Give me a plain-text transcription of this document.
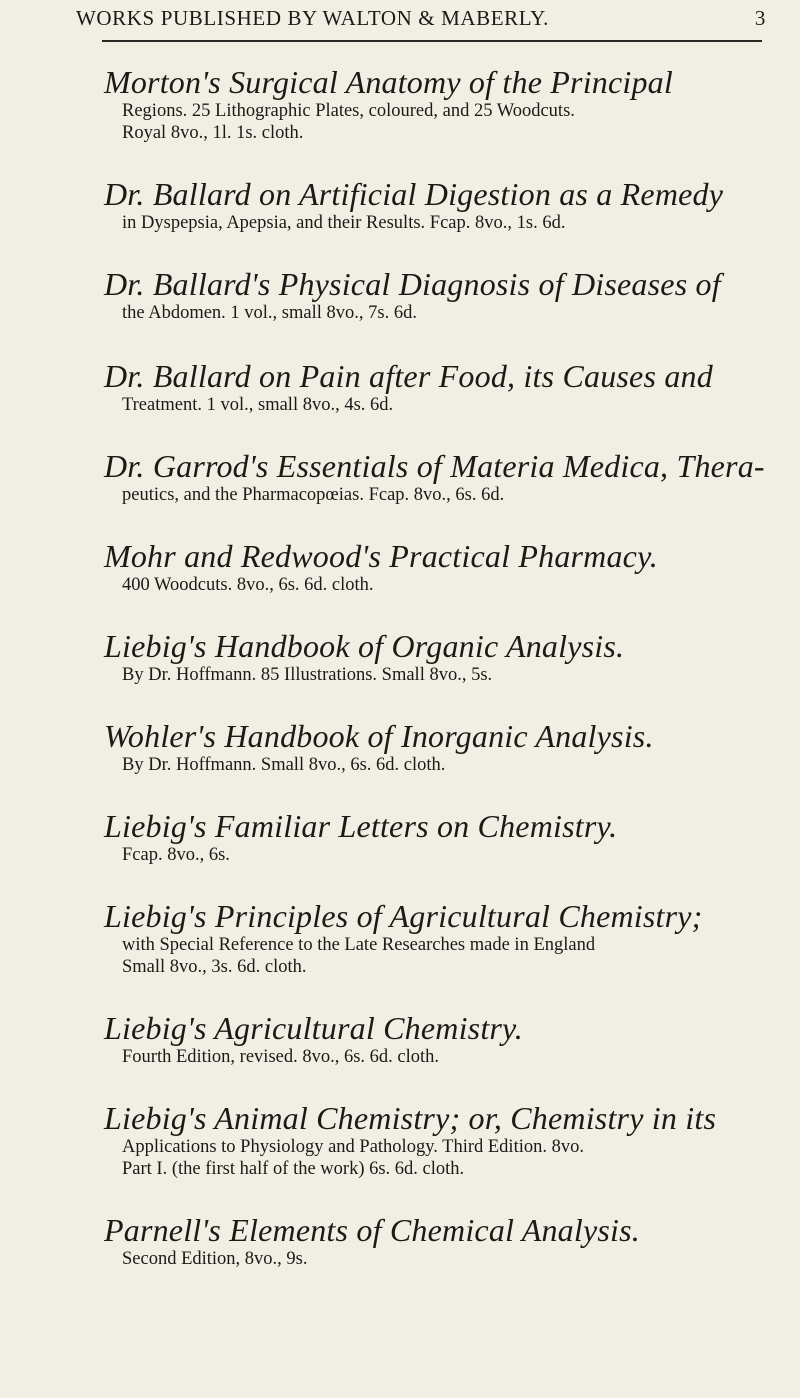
WORKS PUBLISHED BY WALTON & MABERLY.	3
Morton's Surgical Anatomy of the Principal
Regions. 25 Lithographic Plates, coloured, and 25 Woodcuts.
Royal 8vo., 1l. 1s. cloth.
Dr. Ballard on Artificial Digestion as a Remedy
in Dyspepsia, Apepsia, and their Results. Fcap. 8vo., 1s. 6d.
Dr. Ballard's Physical Diagnosis of Diseases of
the Abdomen. 1 vol., small 8vo., 7s. 6d.
Dr. Ballard on Pain after Food, its Causes and
Treatment. 1 vol., small 8vo., 4s. 6d.
Dr. Garrod's Essentials of Materia Medica, Thera-
peutics, and the Pharmacopœias. Fcap. 8vo., 6s. 6d.
Mohr and Redwood's Practical Pharmacy.
400 Woodcuts. 8vo., 6s. 6d. cloth.
Liebig's Handbook of Organic Analysis.
By Dr. Hoffmann. 85 Illustrations. Small 8vo., 5s.
Wohler's Handbook of Inorganic Analysis.
By Dr. Hoffmann. Small 8vo., 6s. 6d. cloth.
Liebig's Familiar Letters on Chemistry.
Fcap. 8vo., 6s.
Liebig's Principles of Agricultural Chemistry;
with Special Reference to the Late Researches made in England
Small 8vo., 3s. 6d. cloth.
Liebig's Agricultural Chemistry.
Fourth Edition, revised. 8vo., 6s. 6d. cloth.
Liebig's Animal Chemistry; or, Chemistry in its
Applications to Physiology and Pathology. Third Edition. 8vo.
Part I. (the first half of the work) 6s. 6d. cloth.
Parnell's Elements of Chemical Analysis.
Second Edition, 8vo., 9s.
